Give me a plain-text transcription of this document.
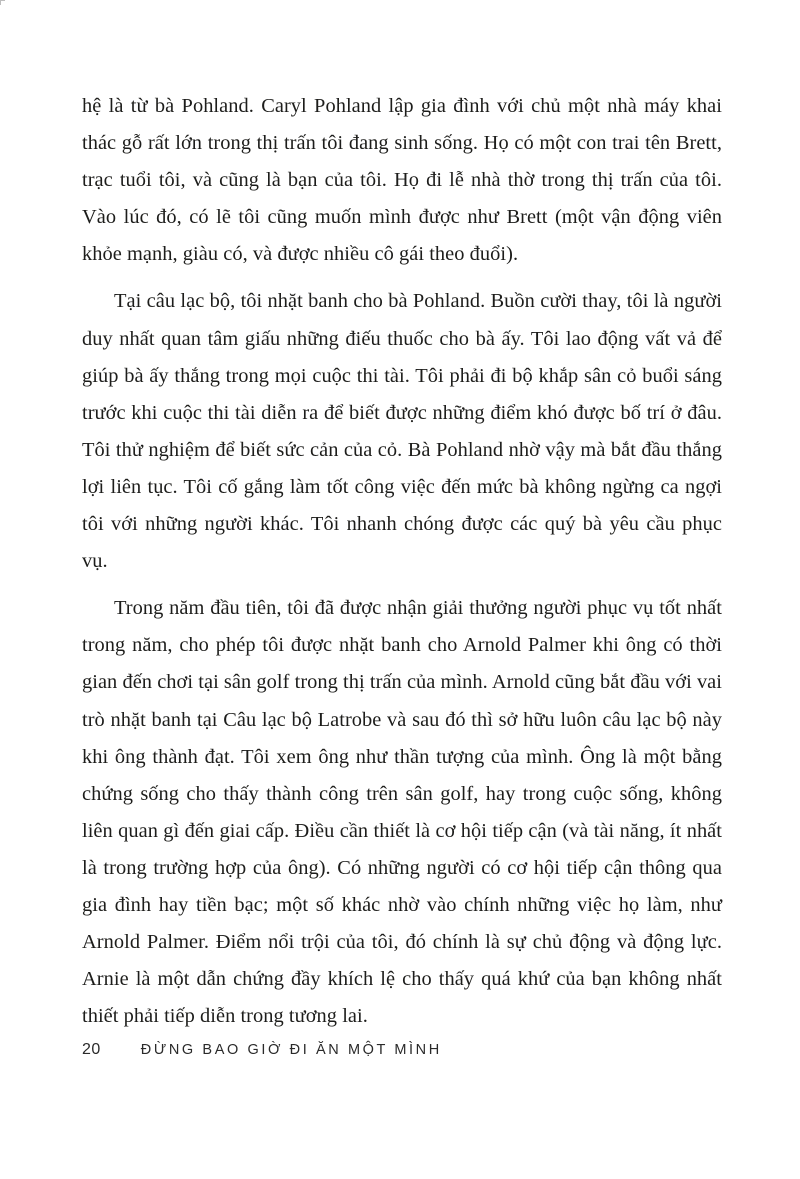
hệ là từ bà Pohland. Caryl Pohland lập gia đình với chủ một nhà máy khai thác gỗ rất lớn trong thị trấn tôi đang sinh sống. Họ có một con trai tên Brett, trạc tuổi tôi, và cũng là bạn của tôi. Họ đi lễ nhà thờ trong thị trấn của tôi. Vào lúc đó, có lẽ tôi cũng muốn mình được như Brett (một vận động viên khỏe mạnh, giàu có, và được nhiều cô gái theo đuổi).

Tại câu lạc bộ, tôi nhặt banh cho bà Pohland. Buồn cười thay, tôi là người duy nhất quan tâm giấu những điếu thuốc cho bà ấy. Tôi lao động vất vả để giúp bà ấy thắng trong mọi cuộc thi tài. Tôi phải đi bộ khắp sân cỏ buổi sáng trước khi cuộc thi tài diễn ra để biết được những điểm khó được bố trí ở đâu. Tôi thử nghiệm để biết sức cản của cỏ. Bà Pohland nhờ vậy mà bắt đầu thắng lợi liên tục. Tôi cố gắng làm tốt công việc đến mức bà không ngừng ca ngợi tôi với những người khác. Tôi nhanh chóng được các quý bà yêu cầu phục vụ.

Trong năm đầu tiên, tôi đã được nhận giải thưởng người phục vụ tốt nhất trong năm, cho phép tôi được nhặt banh cho Arnold Palmer khi ông có thời gian đến chơi tại sân golf trong thị trấn của mình. Arnold cũng bắt đầu với vai trò nhặt banh tại Câu lạc bộ Latrobe và sau đó thì sở hữu luôn câu lạc bộ này khi ông thành đạt. Tôi xem ông như thần tượng của mình. Ông là một bằng chứng sống cho thấy thành công trên sân golf, hay trong cuộc sống, không liên quan gì đến giai cấp. Điều cần thiết là cơ hội tiếp cận (và tài năng, ít nhất là trong trường hợp của ông). Có những người có cơ hội tiếp cận thông qua gia đình hay tiền bạc; một số khác nhờ vào chính những việc họ làm, như Arnold Palmer. Điểm nổi trội của tôi, đó chính là sự chủ động và động lực. Arnie là một dẫn chứng đầy khích lệ cho thấy quá khứ của bạn không nhất thiết phải tiếp diễn trong tương lai.

20	ĐỪNG BAO GIỜ ĐI ĂN MỘT MÌNH
